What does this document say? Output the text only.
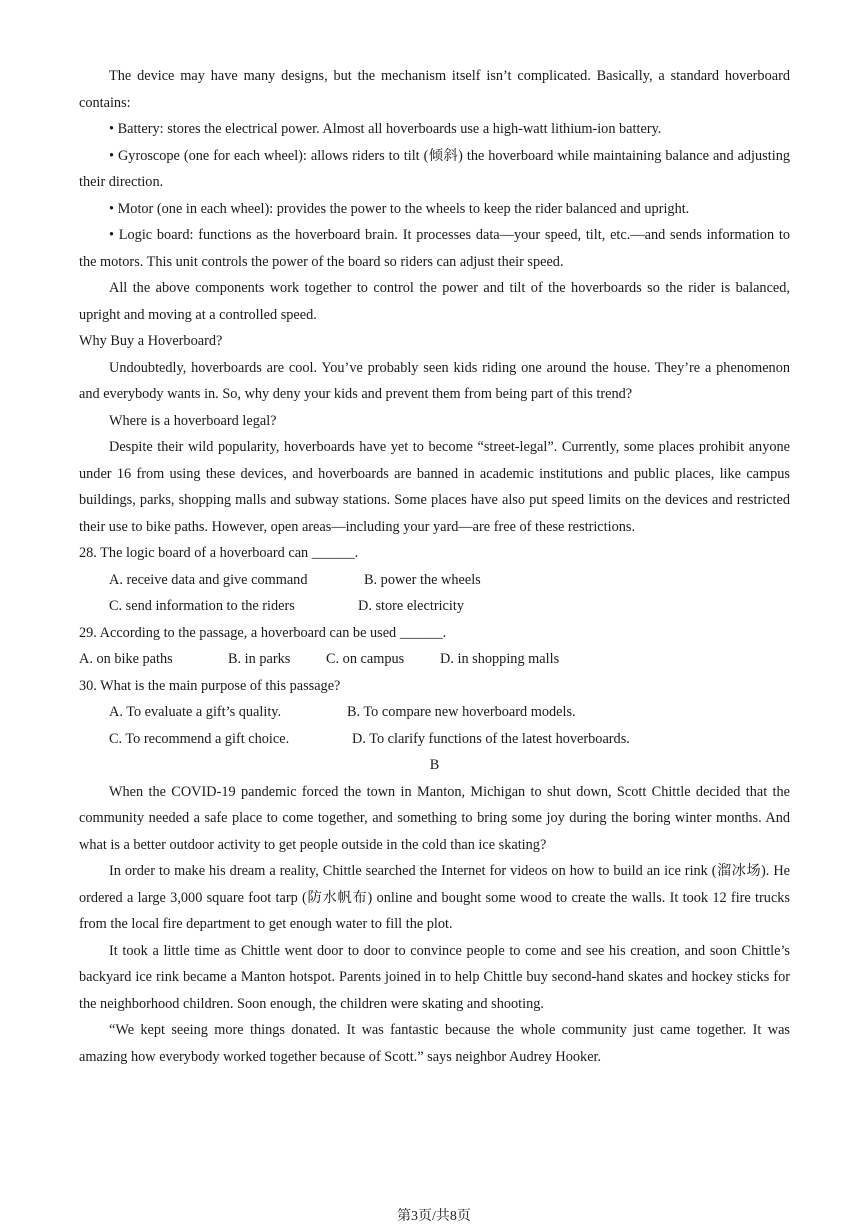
The device may have many designs, but the mechanism itself isn’t complicated. Basically, a standard hoverboard contains:

• Battery: stores the electrical power. Almost all hoverboards use a high-watt lithium-ion battery.

• Gyroscope (one for each wheel): allows riders to tilt (倾斜) the hoverboard while maintaining balance and adjusting their direction.

• Motor (one in each wheel): provides the power to the wheels to keep the rider balanced and upright.

• Logic board: functions as the hoverboard brain. It processes data—your speed, tilt, etc.—and sends information to the motors. This unit controls the power of the board so riders can adjust their speed.

All the above components work together to control the power and tilt of the hoverboards so the rider is balanced, upright and moving at a controlled speed.

Why Buy a Hoverboard?

Undoubtedly, hoverboards are cool. You’ve probably seen kids riding one around the house. They’re a phenomenon and everybody wants in. So, why deny your kids and prevent them from being part of this trend?

Where is a hoverboard legal?

Despite their wild popularity, hoverboards have yet to become “street-legal”. Currently, some places prohibit anyone under 16 from using these devices, and hoverboards are banned in academic institutions and public places, like campus buildings, parks, shopping malls and subway stations. Some places have also put speed limits on the devices and restricted their use to bike paths. However, open areas—including your yard—are free of these restrictions.

28. The logic board of a hoverboard can ______.

A. receive data and give command	B. power the wheels
C. send information to the riders	D. store electricity

29. According to the passage, a hoverboard can be used ______.

A. on bike paths	B. in parks C. on campus	D. in shopping malls

30. What is the main purpose of this passage?

A. To evaluate a gift’s quality.	B. To compare new hoverboard models.
C. To recommend a gift choice.	D. To clarify functions of the latest hoverboards.

B

When the COVID-19 pandemic forced the town in Manton, Michigan to shut down, Scott Chittle decided that the community needed a safe place to come together, and something to bring some joy during the boring winter months. And what is a better outdoor activity to get people outside in the cold than ice skating?

In order to make his dream a reality, Chittle searched the Internet for videos on how to build an ice rink (溜冰场). He ordered a large 3,000 square foot tarp (防水帆布) online and bought some wood to create the walls. It took 12 fire trucks from the local fire department to get enough water to fill the plot.

It took a little time as Chittle went door to door to convince people to come and see his creation, and soon Chittle’s backyard ice rink became a Manton hotspot. Parents joined in to help Chittle buy second-hand skates and hockey sticks for the neighborhood children. Soon enough, the children were skating and shooting.

“We kept seeing more things donated. It was fantastic because the whole community just came together. It was amazing how everybody worked together because of Scott.” says neighbor Audrey Hooker.

第3页/共8页
